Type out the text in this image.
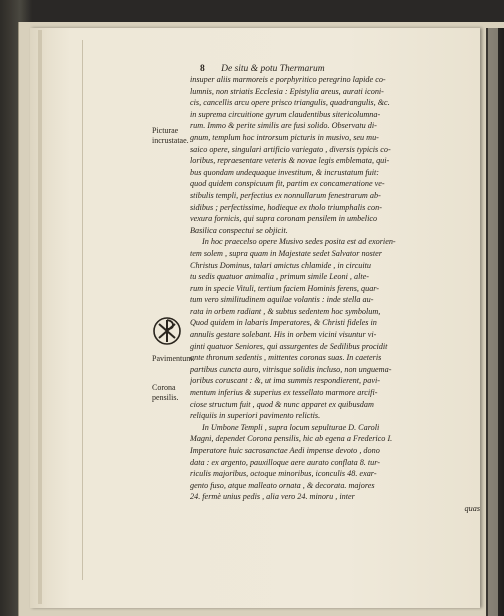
8 De situ & potu Thermarum
insuper aliis marmoreis e porphyritico peregrino lapide co-
lumnis, non striatis Ecclesia : Epistylia areus, aurati iconi-
cis, cancellis arcu opere prisco triangulis, quadrangulis, &c.
in suprema circuitione gyrum claudentibus sitericolumna-
rum. Immo & perite similis are fusi solido. Observatu di-
gnum, templum hoc introrsum picturis in musivo, seu mu-
saico opere, singulari artificio variegato , diversis typicis co-
loribus, repraesentare veteris & novae legis emblemata, qui-
bus quondam undequaque investitum, & incrustatum fuit:
quod quidem conspicuum fit, partim ex concameratione ve-
stibulis templi, perfectius ex nonnullarum fenestrarum ab-
sidibus ; perfectissime, hodieque ex tholo triumphalis con-
vexura fornicis, qui supra coronam pensilem in umbelico
Basilica conspectui se objicit.
In hoc praecelso opere Musivo sedes posita est ad exorien-
tem solem , supra quam in Majestate sedet Salvator noster
Christus Dominus, talari amictus chlamide , in circuitu
tu sedis quatuor animalia , primum simile Leoni , alte-
rum in specie Vituli, tertium faciem Hominis ferens, quar-
tum vero similitudinem aquilae volantis : inde stella au-
rata in orbem radiant , & subtus sedentem hoc symbolum,
Quod quidem in labaris Imperatores, & Christi fideles in
annulis gestare solebant. His in orbem vicini visuntur vi-
ginti quatuor Seniores, qui assurgentes de Sedilibus procidit
ante thronum sedentis , mittentes coronas suas. In caeteris
partibus cuncta auro, vitrisque solidis incluso, non unguema-
joribus coruscant : &, ut ima summis respondierent, pavi-
mentum inferius & superius ex tessellato marmore arcifi-
ciose structum fuit , quod & nunc apparet ex quibusdam
reliquiis in superiori pavimento relictis.
In Umbone Templi , supra locum sepulturae D. Caroli
Magni, dependet Corona pensilis, hic ab egena a Frederico I.
Imperatore huic sacrosanctae Aedi impense devoto , dono
data : ex argento, pauxilloque aere aurato conflata 8. tur-
riculis majoribus, octoque minoribus, iconculis 48. exar-
gento fuso, atque malleato ornata , & decorata. majores
24. fermè unius pedis , alia vero 24. minoru , inter
quas
Picturae incrustatae.
Pavimentum.
Corona pensilis.
